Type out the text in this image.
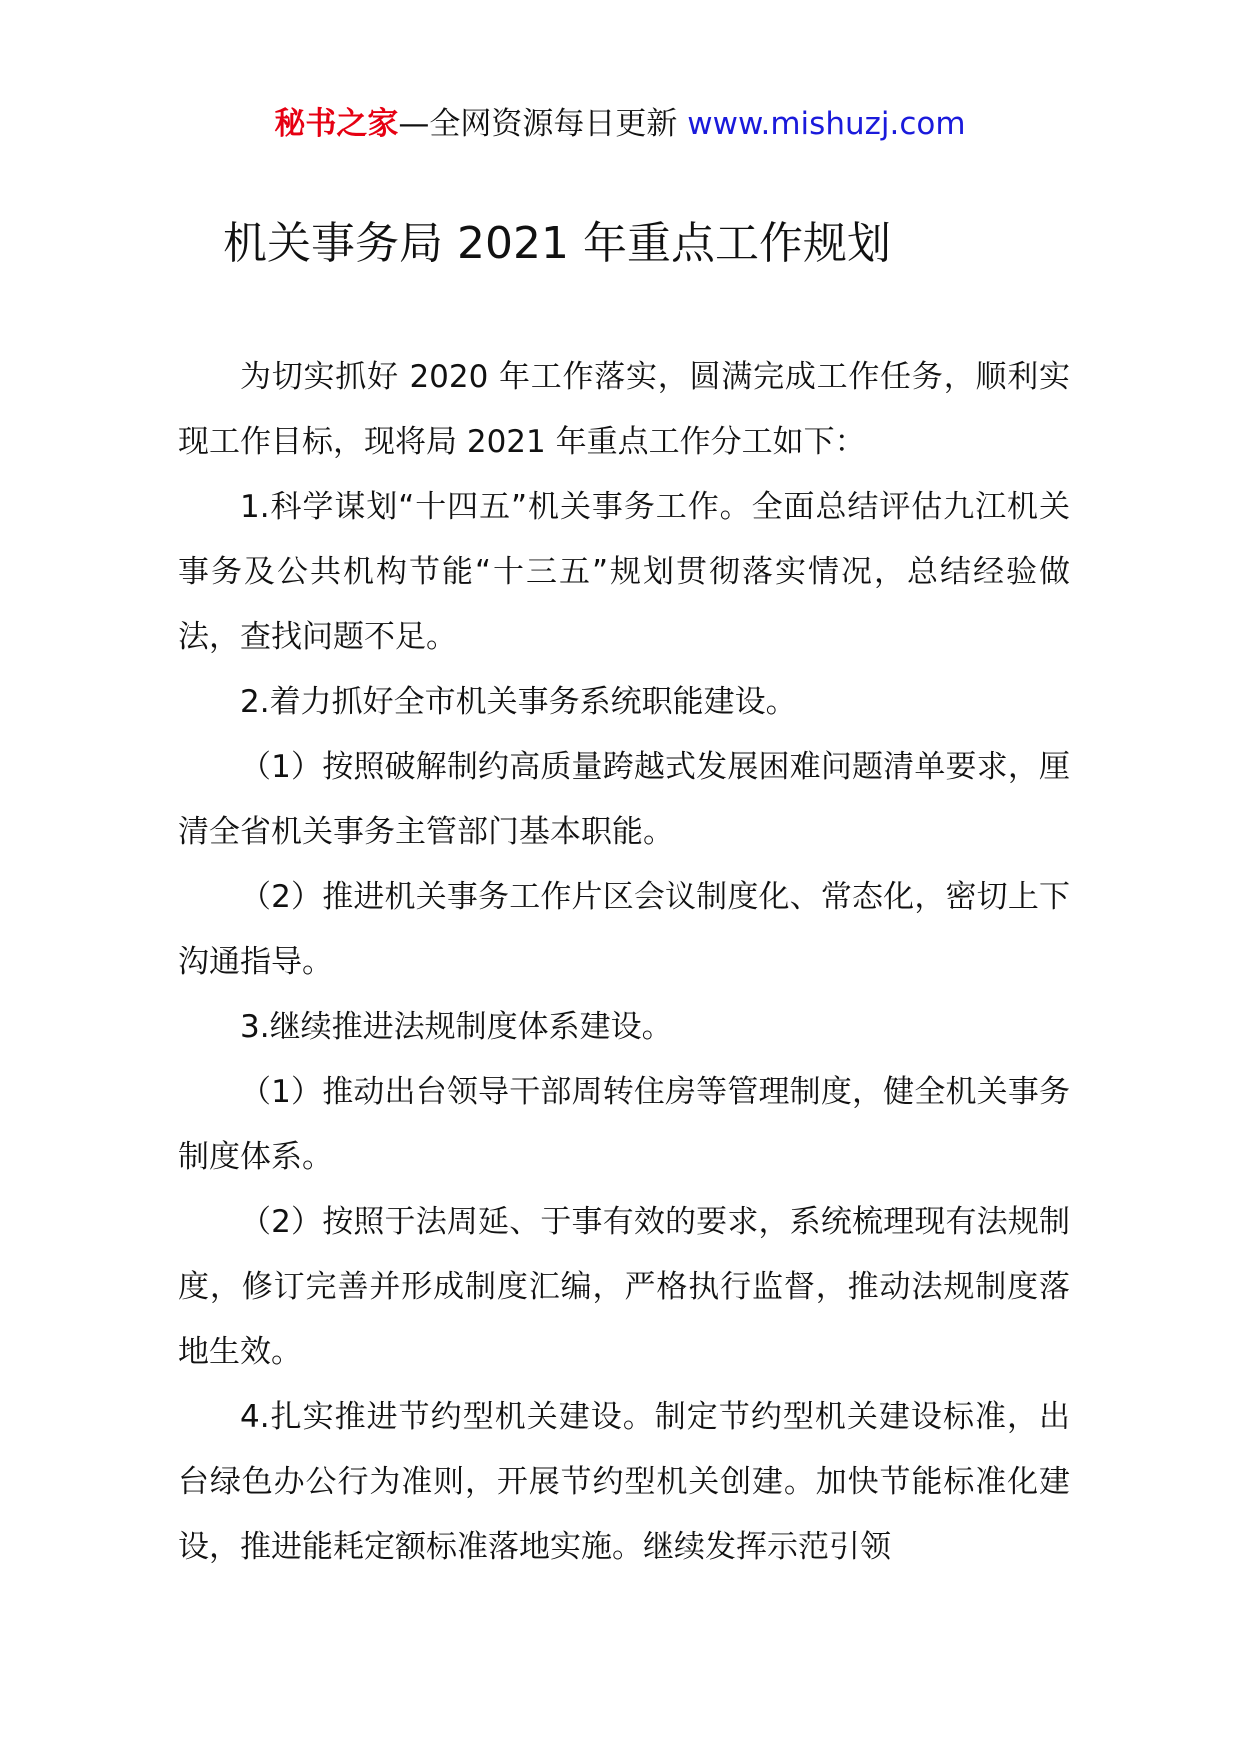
秘书之家—全网资源每日更新 www.mishuzj.com
机关事务局 2021 年重点工作规划

为切实抓好 2020 年工作落实，圆满完成工作任务，顺利实现工作目标，现将局 2021 年重点工作分工如下：

1.科学谋划“十四五”机关事务工作。全面总结评估九江机关事务及公共机构节能“十三五”规划贯彻落实情况，总结经验做法，查找问题不足。

2.着力抓好全市机关事务系统职能建设。

（1）按照破解制约高质量跨越式发展困难问题清单要求，厘清全省机关事务主管部门基本职能。

（2）推进机关事务工作片区会议制度化、常态化，密切上下沟通指导。

3.继续推进法规制度体系建设。

（1）推动出台领导干部周转住房等管理制度，健全机关事务制度体系。

（2）按照于法周延、于事有效的要求，系统梳理现有法规制度，修订完善并形成制度汇编，严格执行监督，推动法规制度落地生效。

4.扎实推进节约型机关建设。制定节约型机关建设标准，出台绿色办公行为准则，开展节约型机关创建。加快节能标准化建设，推进能耗定额标准落地实施。继续发挥示范引领
